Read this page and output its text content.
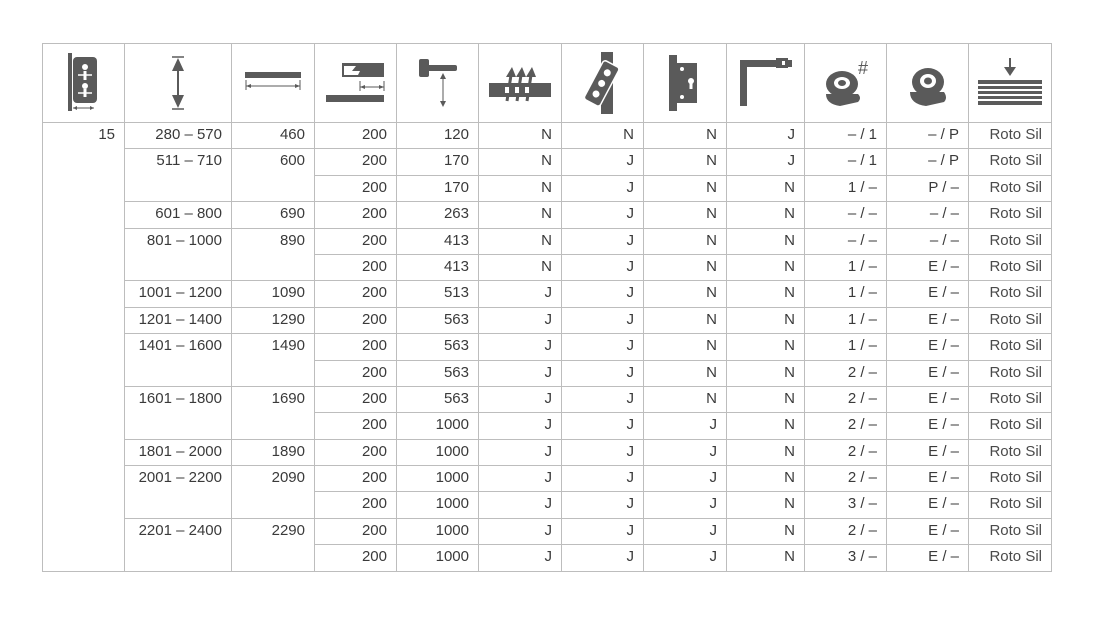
#

15	280 – 570	460	200	120	N	N	N	J	– / 1	– / P	Roto Sil
	511 – 710	600	200	170	N	J	N	J	– / 1	– / P	Roto Sil
			200	170	N	J	N	N	1 / –	P / –	Roto Sil
	601 – 800	690	200	263	N	J	N	N	– / –	– / –	Roto Sil
	801 – 1000	890	200	413	N	J	N	N	– / –	– / –	Roto Sil
			200	413	N	J	N	N	1 / –	E / –	Roto Sil
	1001 – 1200	1090	200	513	J	J	N	N	1 / –	E / –	Roto Sil
	1201 – 1400	1290	200	563	J	J	N	N	1 / –	E / –	Roto Sil
	1401 – 1600	1490	200	563	J	J	N	N	1 / –	E / –	Roto Sil
			200	563	J	J	N	N	2 / –	E / –	Roto Sil
	1601 – 1800	1690	200	563	J	J	N	N	2 / –	E / –	Roto Sil
			200	1000	J	J	J	N	2 / –	E / –	Roto Sil
	1801 – 2000	1890	200	1000	J	J	J	N	2 / –	E / –	Roto Sil
	2001 – 2200	2090	200	1000	J	J	J	N	2 / –	E / –	Roto Sil
			200	1000	J	J	J	N	3 / –	E / –	Roto Sil
	2201 – 2400	2290	200	1000	J	J	J	N	2 / –	E / –	Roto Sil
			200	1000	J	J	J	N	3 / –	E / –	Roto Sil
